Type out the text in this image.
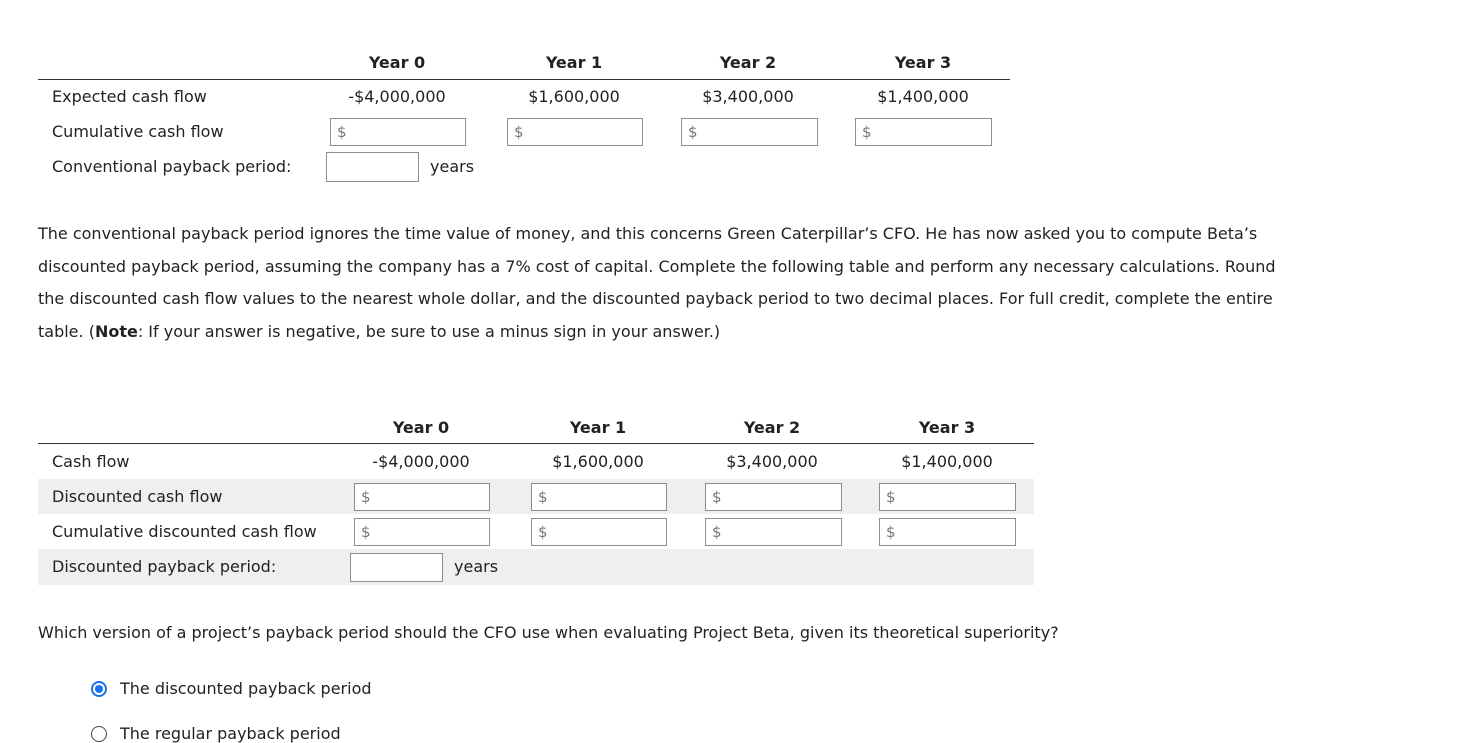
Year 0	Year 1	Year 2	Year 3
Expected cash flow	-$4,000,000	$1,600,000	$3,400,000	$1,400,000
Cumulative cash flow	$	$	$	$
Conventional payback period:	years
The conventional payback period ignores the time value of money, and this concerns Green Caterpillar’s CFO. He has now asked you to compute Beta’s discounted payback period, assuming the company has a 7% cost of capital. Complete the following table and perform any necessary calculations. Round the discounted cash flow values to the nearest whole dollar, and the discounted payback period to two decimal places. For full credit, complete the entire table. (Note: If your answer is negative, be sure to use a minus sign in your answer.)
Year 0	Year 1	Year 2	Year 3
Cash flow	-$4,000,000	$1,600,000	$3,400,000	$1,400,000
Discounted cash flow	$	$	$	$
Cumulative discounted cash flow	$	$	$	$
Discounted payback period:	years
Which version of a project’s payback period should the CFO use when evaluating Project Beta, given its theoretical superiority?
The discounted payback period
The regular payback period
